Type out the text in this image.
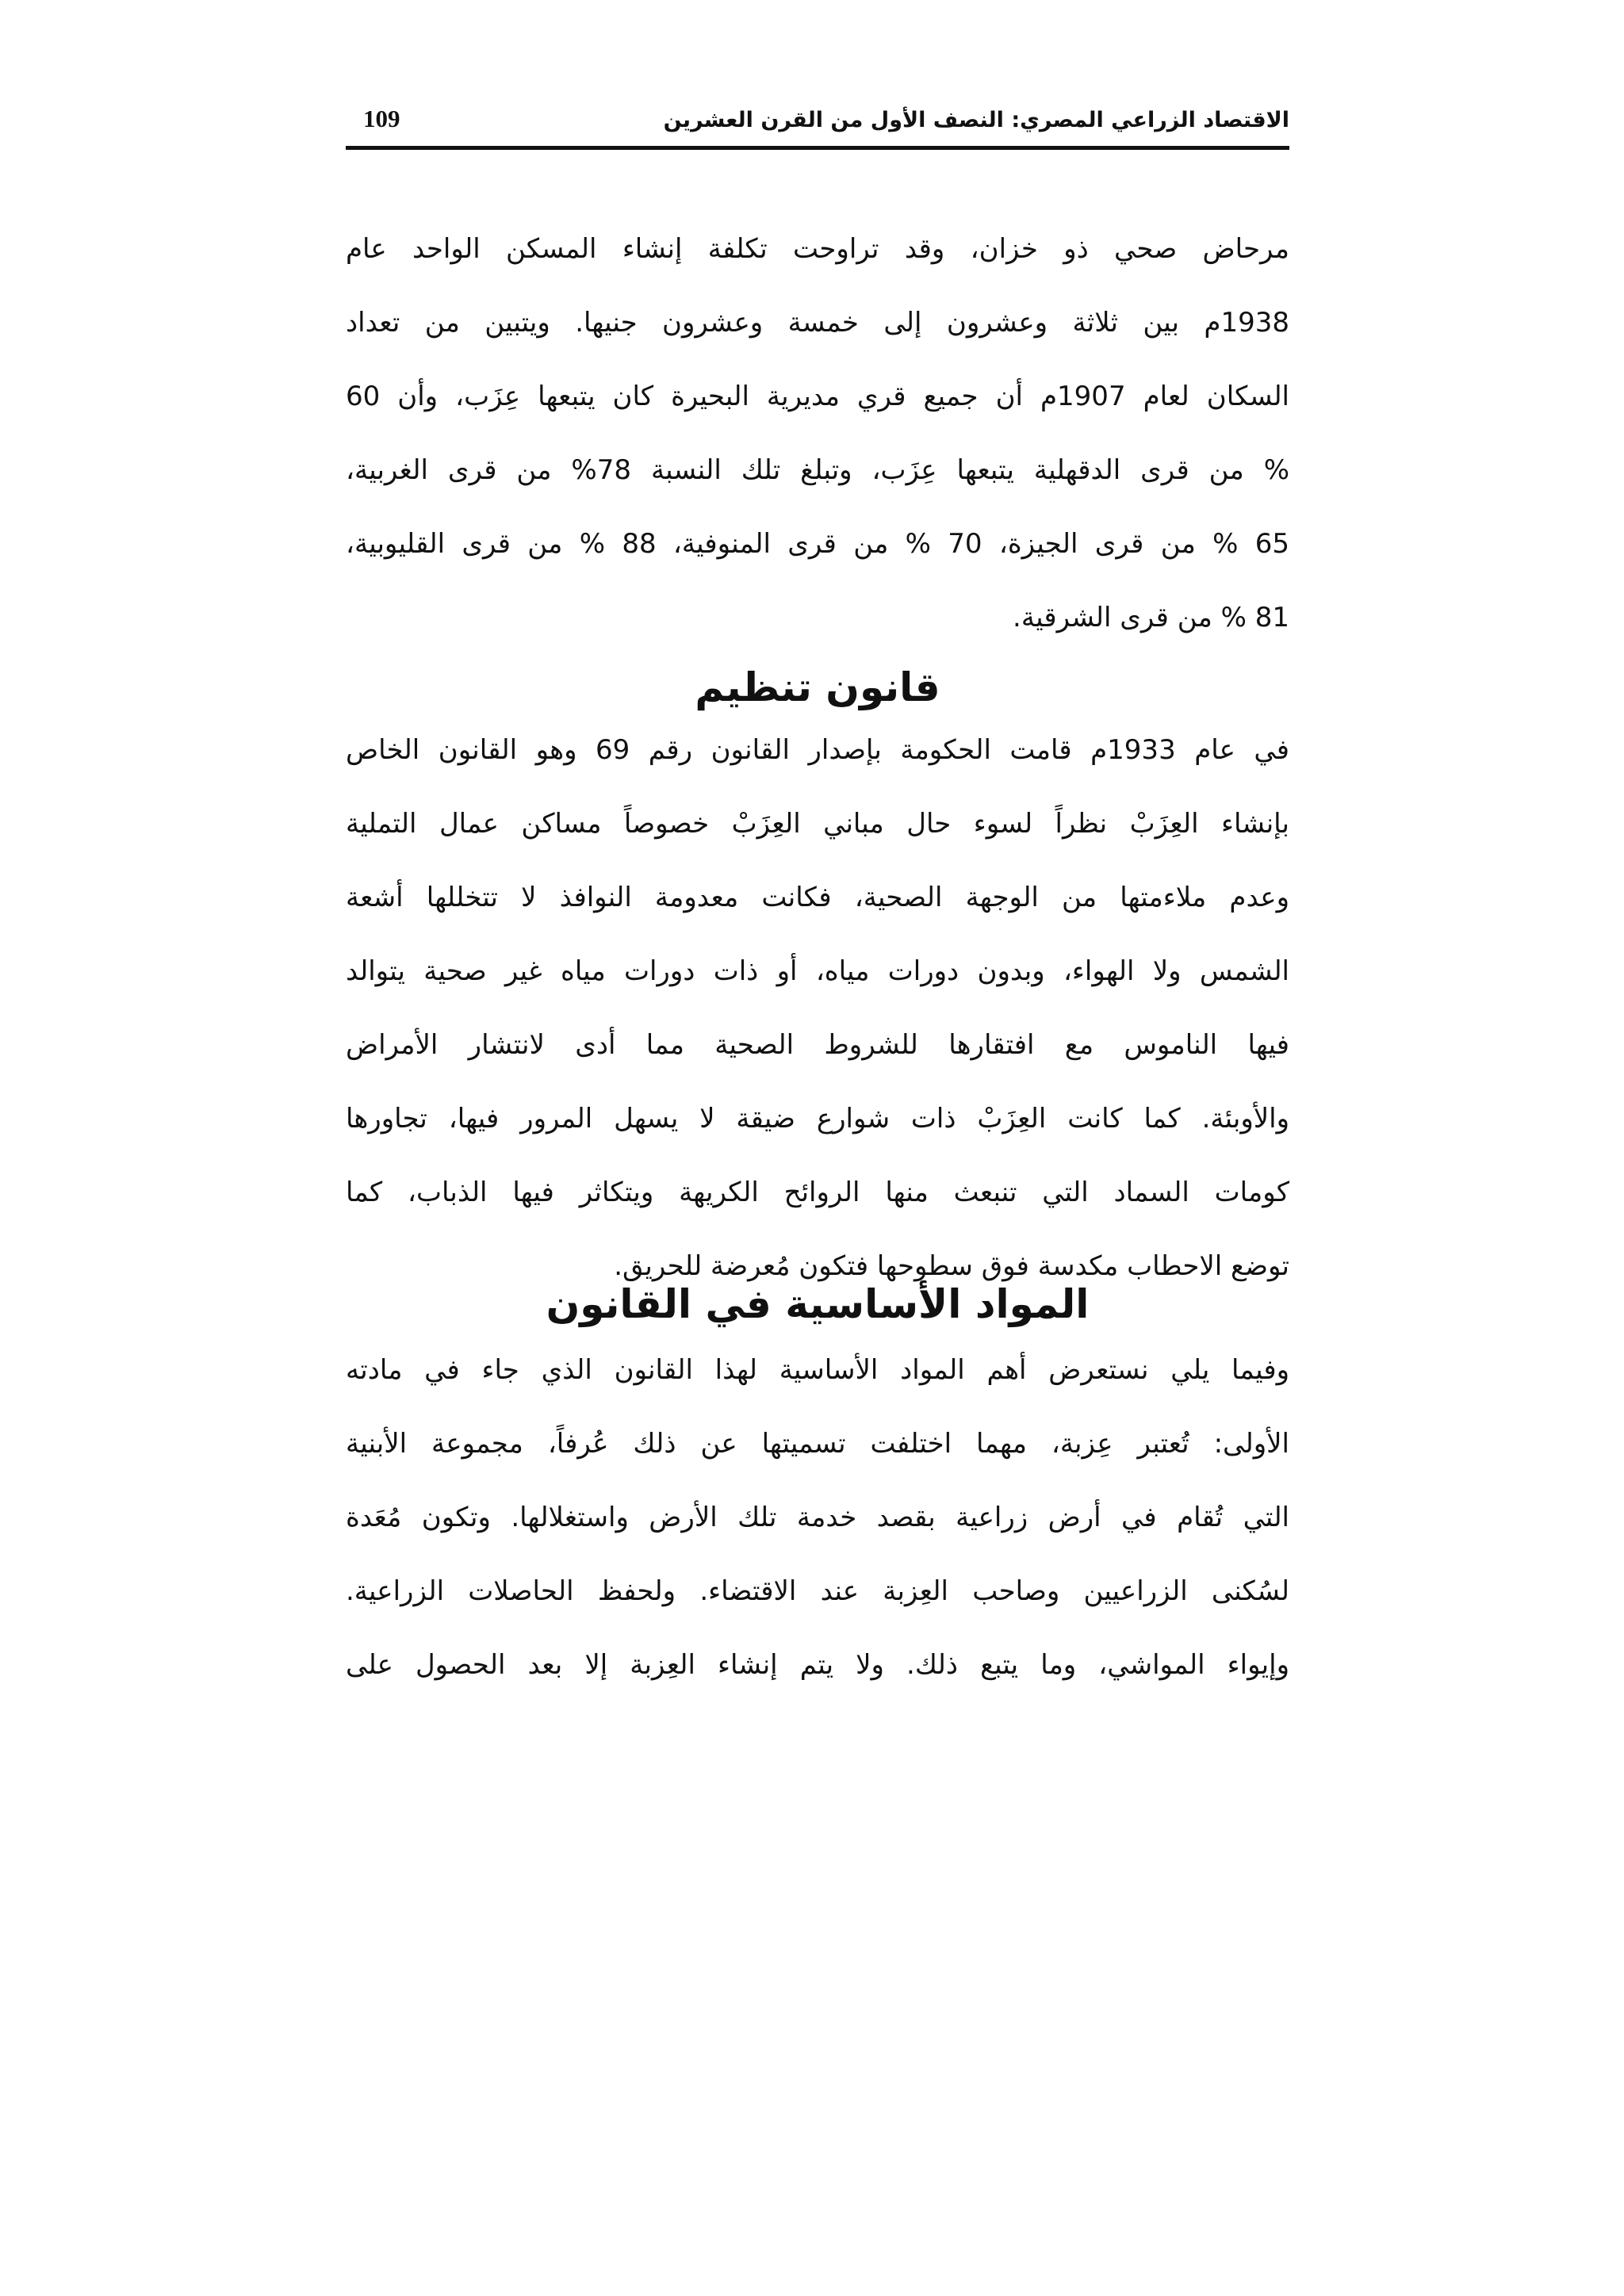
الاقتصاد الزراعي المصري: النصف الأول من القرن العشرين
109

مرحاض صحي ذو خزان، وقد تراوحت تكلفة إنشاء المسكن الواحد عام
1938م بين ثلاثة وعشرون إلى خمسة وعشرون جنيها. ويتبين من تعداد
السكان لعام 1907م أن جميع قري مديرية البحيرة كان يتبعها عِزَب، وأن 60
% من قرى الدقهلية يتبعها عِزَب، وتبلغ تلك النسبة 78% من قرى الغربية،
65 % من قرى الجيزة، 70 % من قرى المنوفية، 88 % من قرى القليوبية،
81 % من قرى الشرقية.

قانون تنظيم

في عام 1933م قامت الحكومة بإصدار القانون رقم 69 وهو القانون الخاص
بإنشاء العِزَبْ نظراً لسوء حال مباني العِزَبْ خصوصاً مساكن عمال التملية
وعدم ملاءمتها من الوجهة الصحية، فكانت معدومة النوافذ لا تتخللها أشعة
الشمس ولا الهواء، وبدون دورات مياه، أو ذات دورات مياه غير صحية يتوالد
فيها الناموس مع افتقارها للشروط الصحية مما أدى لانتشار الأمراض
والأوبئة. كما كانت العِزَبْ ذات شوارع ضيقة لا يسهل المرور فيها، تجاورها
كومات السماد التي تنبعث منها الروائح الكريهة ويتكاثر فيها الذباب، كما
توضع الاحطاب مكدسة فوق سطوحها فتكون مُعرضة للحريق.

المواد الأساسية في القانون

وفيما يلي نستعرض أهم المواد الأساسية لهذا القانون الذي جاء في مادته
الأولى: تُعتبر عِزبة، مهما اختلفت تسميتها عن ذلك عُرفاً، مجموعة الأبنية
التي تُقام في أرض زراعية بقصد خدمة تلك الأرض واستغلالها. وتكون مُعَدة
لسُكنى الزراعيين وصاحب العِزبة عند الاقتضاء. ولحفظ الحاصلات الزراعية.
وإيواء المواشي، وما يتبع ذلك. ولا يتم إنشاء العِزبة إلا بعد الحصول على
